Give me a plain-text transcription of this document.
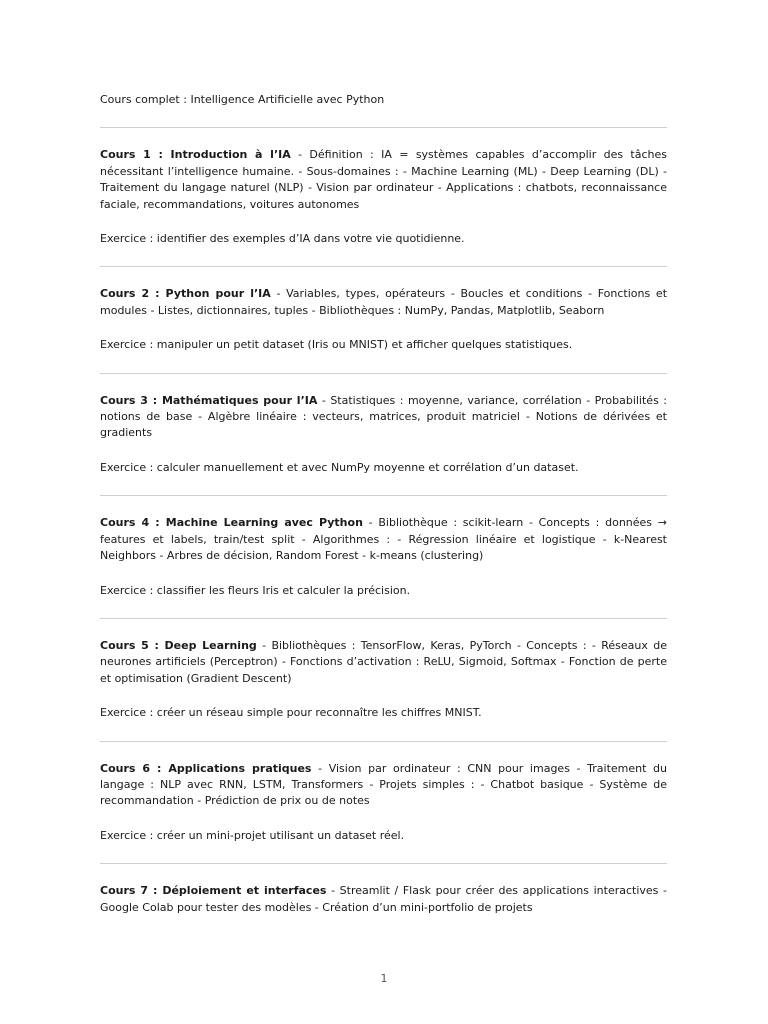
Cours complet : Intelligence Artificielle avec Python

Cours 1 : Introduction à l’IA - Définition : IA = systèmes capables d’accomplir des tâches nécessitant l’intelligence humaine. - Sous-domaines : - Machine Learning (ML) - Deep Learning (DL) - Traitement du langage naturel (NLP) - Vision par ordinateur - Applications : chatbots, reconnaissance faciale, recommandations, voitures autonomes

Exercice : identifier des exemples d’IA dans votre vie quotidienne.

Cours 2 : Python pour l’IA - Variables, types, opérateurs - Boucles et conditions - Fonctions et modules - Listes, dictionnaires, tuples - Bibliothèques : NumPy, Pandas, Matplotlib, Seaborn

Exercice : manipuler un petit dataset (Iris ou MNIST) et afficher quelques statistiques.

Cours 3 : Mathématiques pour l’IA - Statistiques : moyenne, variance, corrélation - Probabilités : notions de base - Algèbre linéaire : vecteurs, matrices, produit matriciel - Notions de dérivées et gradients

Exercice : calculer manuellement et avec NumPy moyenne et corrélation d’un dataset.

Cours 4 : Machine Learning avec Python - Bibliothèque : scikit-learn - Concepts : données → features et labels, train/test split - Algorithmes : - Régression linéaire et logistique - k-Nearest Neighbors - Arbres de décision, Random Forest - k-means (clustering)

Exercice : classifier les fleurs Iris et calculer la précision.

Cours 5 : Deep Learning - Bibliothèques : TensorFlow, Keras, PyTorch - Concepts : - Réseaux de neurones artificiels (Perceptron) - Fonctions d’activation : ReLU, Sigmoid, Softmax - Fonction de perte et optimisation (Gradient Descent)

Exercice : créer un réseau simple pour reconnaître les chiffres MNIST.

Cours 6 : Applications pratiques - Vision par ordinateur : CNN pour images - Traitement du langage : NLP avec RNN, LSTM, Transformers - Projets simples : - Chatbot basique - Système de recommandation - Prédiction de prix ou de notes

Exercice : créer un mini-projet utilisant un dataset réel.

Cours 7 : Déploiement et interfaces - Streamlit / Flask pour créer des applications interactives - Google Colab pour tester des modèles - Création d’un mini-portfolio de projets

1
